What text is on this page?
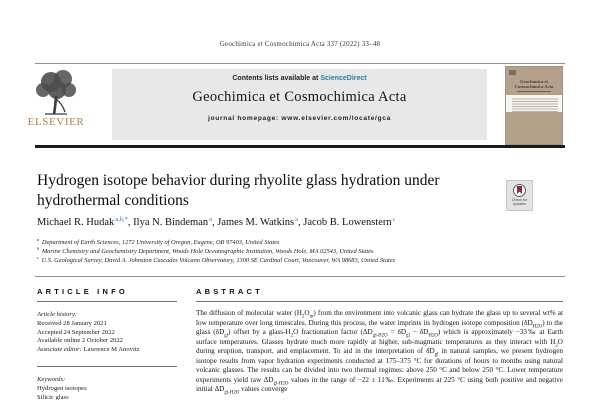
Geochimica et Cosmochimica Acta 337 (2022) 33–48
ELSEVIER
Contents lists available at ScienceDirect
Geochimica et Cosmochimica Acta
journal homepage: www.elsevier.com/locate/gca
Geochimica et Cosmochimica Acta
Hydrogen isotope behavior during rhyolite glass hydration under hydrothermal conditions	Check for updates
Michael R. Hudak$^{a,b,*}$, Ilya N. Bindeman$^a$, James M. Watkins$^a$, Jacob B. Lowenstern$^c$
$^a$ Department of Earth Sciences, 1272 University of Oregon, Eugene, OR 97403, United States
$^b$ Marine Chemistry and Geochemistry Department, Woods Hole Oceanographic Institution, Woods Hole, MA 02543, United States
$^c$ U.S. Geological Survey, David A. Johnston Cascades Volcano Observatory, 1300 SE Cardinal Court, Vancouver, WA 98683, United States
ARTICLE INFO
Article history:
Received 28 January 2021
Accepted 24 September 2022
Available online 2 October 2022
Associate editor: Lawrence M Anovitz
Keywords:
Hydrogen isotopes
Silicic glass
ABSTRACT
The diffusion of molecular water $(H_2O_m)$ from the environment into volcanic glass can hydrate the glass up to several wt% at low temperature over long timescales. During this process, the water imprints its hydrogen isotope composition $(\delta D_{H2O})$ to the glass $(\delta D_{gl})$ offset by a glass-$H_2O$ fractionation factor $(\Delta D_{gl-H2O} = \delta D_{gl} - \delta D_{H2O})$ which is approximately −33‰ at Earth surface temperatures. Glasses hydrate much more rapidly at higher, sub-magmatic temperatures as they interact with $H_2O$ during eruption, transport, and emplacement. To aid in the interpretation of $\delta D_{gl}$ in natural samples, we present hydrogen isotope results from vapor hydration experiments conducted at 175–375 °C for durations of hours to months using natural volcanic glasses. The results can be divided into two thermal regimes: above 250 °C and below 250 °C. Lower temperature experiments yield raw $\Delta D_{gl-H2O}$ values in the range of −22 ± 11‰. Experiments at 225 °C using both positive and negative initial $\Delta D_{gl-H2O}$ values converge
